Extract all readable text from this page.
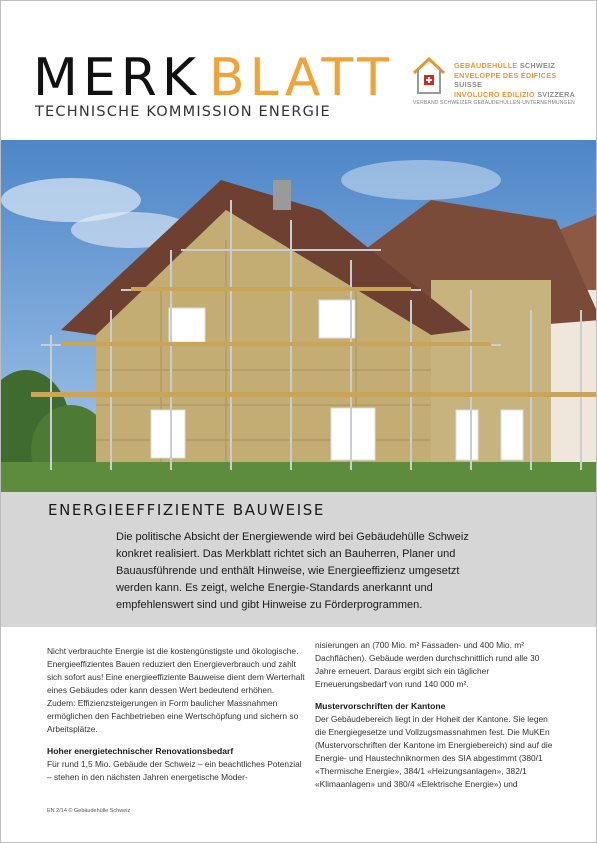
MERK BLATT
TECHNISCHE KOMMISSION ENERGIE
GEBÄUDEHÜLLE SCHWEIZ
ENVELOPPE DES ÉDIFICES SUISSE
INVOLUCRO EDILIZIO SVIZZERA
VERBAND SCHWEIZER GEBÄUDEHÜLLEN-UNTERNEHMUNGEN
ENERGIEEFFIZIENTE BAUWEISE
Die politische Absicht der Energiewende wird bei Gebäudehülle Schweiz konkret realisiert. Das Merkblatt richtet sich an Bauherren, Planer und Bauausführende und enthält Hinweise, wie Energieeffizienz umgesetzt werden kann. Es zeigt, welche Energie-Standards anerkannt und empfehlenswert sind und gibt Hinweise zu Förderprogrammen.

Nicht verbrauchte Energie ist die kostengünstigste und ökologische. Energieeffizientes Bauen reduziert den Energieverbrauch und zahlt sich sofort aus! Eine energieeffiziente Bauweise dient dem Werterhalt eines Gebäudes oder kann dessen Wert bedeutend erhöhen.

Zudem: Effizienzsteigerungen in Form baulicher Massnahmen ermöglichen den Fachbetrieben eine Wertschöpfung und sichern so Arbeitsplätze.

Hoher energietechnischer Renovationsbedarf

Für rund 1,5 Mio. Gebäude der Schweiz – ein beachtliches Potenzial – stehen in den nächsten Jahren energetische Moder-

nisierungen an (700 Mio. m² Fassaden- und 400 Mio. m² Dachflächen). Gebäude werden durchschnittlich rund alle 30 Jahre erneuert. Daraus ergibt sich ein täglicher Erneuerungsbedarf von rund 140 000 m².

Mustervorschriften der Kantone

Der Gebäudebereich liegt in der Hoheit der Kantone. Sie legen die Energiegesetze und Vollzugsmassnahmen fest. Die MuKEn (Mustervorschriften der Kantone im Energiebereich) sind auf die Energie- und Haustechniknormen des SIA abgestimmt (380/1 «Thermische Energie», 384/1 «Heizungsanlagen», 382/1 «Klimaanlagen» und 380/4 «Elektrische Energie») und

EN 2/14 © Gebäudehülle Schweiz
